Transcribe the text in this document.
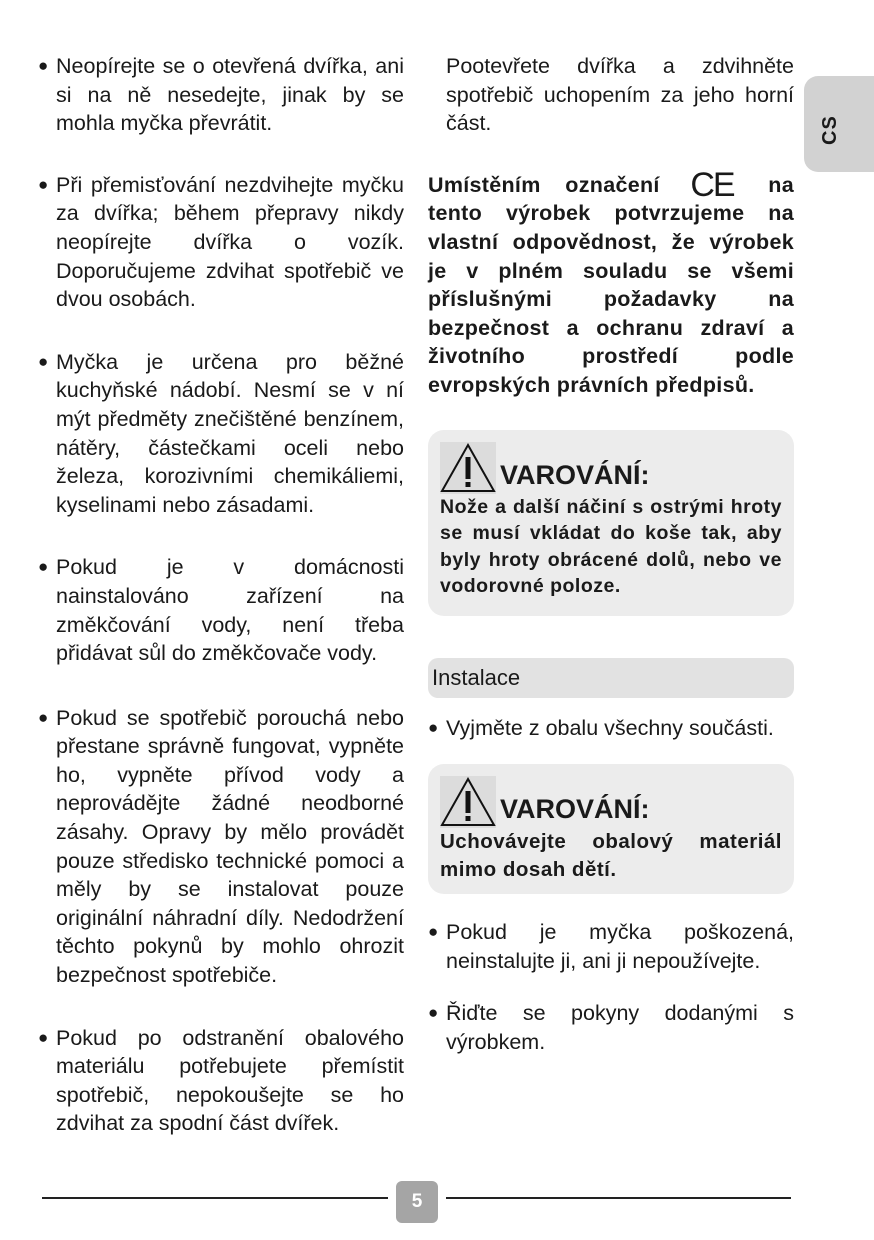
CS

● Neopírejte se o otevřená dvířka, ani si na ně nesedejte, jinak by se mohla myčka převrátit.

● Při přemisťování nezdvihejte myčku za dvířka; během přepravy nikdy neopírejte dvířka o vozík. Doporučujeme zdvihat spotřebič ve dvou osobách.

● Myčka je určena pro běžné kuchyňské nádobí. Nesmí se v ní mýt předměty znečištěné benzínem, nátěry, částečkami oceli nebo železa, korozivními chemikáliemi, kyselinami nebo zásadami.

● Pokud je v domácnosti nainstalováno zařízení na změkčování vody, není třeba přidávat sůl do změkčovače vody.

● Pokud se spotřebič porouchá nebo přestane správně fungovat, vypněte ho, vypněte přívod vody a neprovádějte žádné neodborné zásahy. Opravy by mělo provádět pouze středisko technické pomoci a měly by se instalovat pouze originální náhradní díly. Nedodržení těchto pokynů by mohlo ohrozit bezpečnost spotřebiče.

● Pokud po odstranění obalového materiálu potřebujete přemístit spotřebič, nepokoušejte se ho zdvihat za spodní část dvířek.

Pootevřete dvířka a zdvihněte spotřebič uchopením za jeho horní část.

Umístěním označení CE na tento výrobek potvrzujeme na vlastní odpovědnost, že výrobek je v plném souladu se všemi příslušnými požadavky na bezpečnost a ochranu zdraví a životního prostředí podle evropských právních předpisů.

VAROVÁNÍ:
Nože a další náčiní s ostrými hroty se musí vkládat do koše tak, aby byly hroty obrácené dolů, nebo ve vodorovné poloze.
Instalace

● Vyjměte z obalu všechny součásti.

VAROVÁNÍ:
Uchovávejte obalový materiál mimo dosah dětí.

● Pokud je myčka poškozená, neinstalujte ji, ani ji nepoužívejte.

● Řiďte se pokyny dodanými s výrobkem.

5
